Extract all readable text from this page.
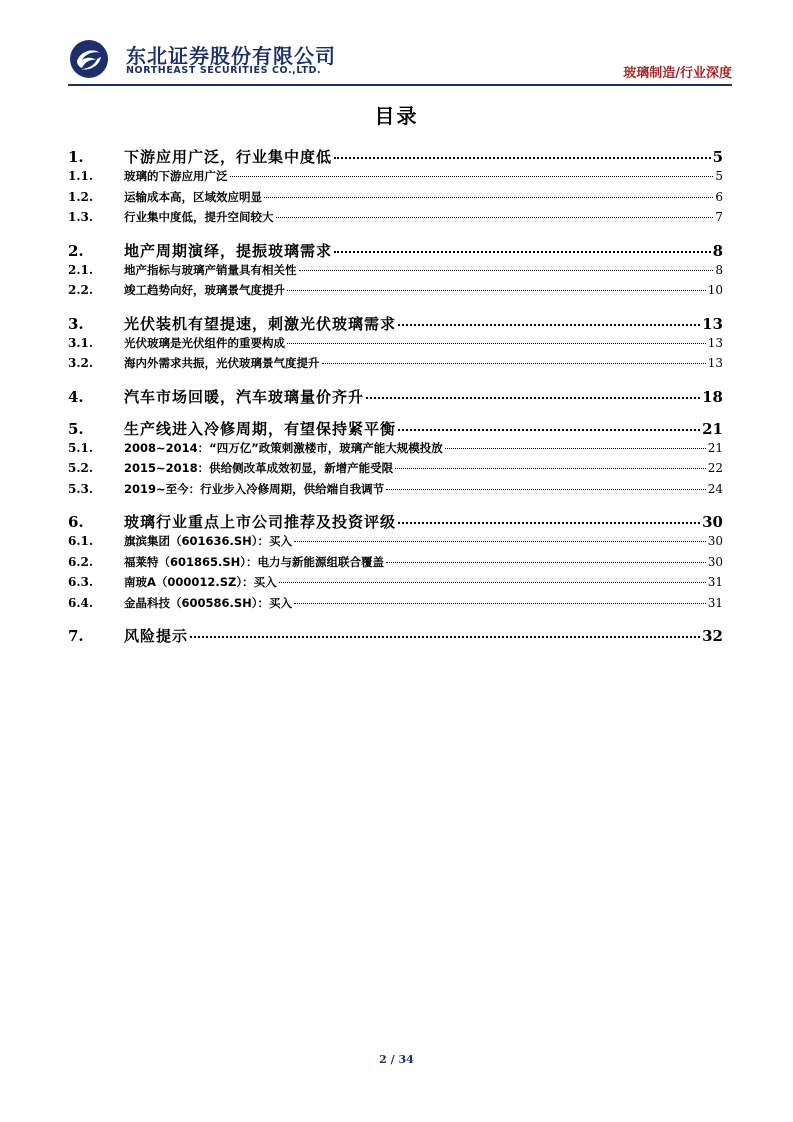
东北证券股份有限公司
NORTHEAST SECURITIES CO.,LTD.	玻璃制造/行业深度
目录
1.	下游应用广泛，行业集中度低	5
1.1.	玻璃的下游应用广泛	5
1.2.	运输成本高，区域效应明显	6
1.3.	行业集中度低，提升空间较大	7
2.	地产周期演绎，提振玻璃需求	8
2.1.	地产指标与玻璃产销量具有相关性	8
2.2.	竣工趋势向好，玻璃景气度提升	10
3.	光伏装机有望提速，刺激光伏玻璃需求	13
3.1.	光伏玻璃是光伏组件的重要构成	13
3.2.	海内外需求共振，光伏玻璃景气度提升	13
4.	汽车市场回暖，汽车玻璃量价齐升	18
5.	生产线进入冷修周期，有望保持紧平衡	21
5.1.	2008~2014：“四万亿”政策刺激楼市，玻璃产能大规模投放	21
5.2.	2015~2018：供给侧改革成效初显，新增产能受限	22
5.3.	2019~至今：行业步入冷修周期，供给端自我调节	24
6.	玻璃行业重点上市公司推荐及投资评级	30
6.1.	旗滨集团（601636.SH）：买入	30
6.2.	福莱特（601865.SH）：电力与新能源组联合覆盖	30
6.3.	南玻A（000012.SZ）：买入	31
6.4.	金晶科技（600586.SH）：买入	31
7.	风险提示	32
2 / 34
